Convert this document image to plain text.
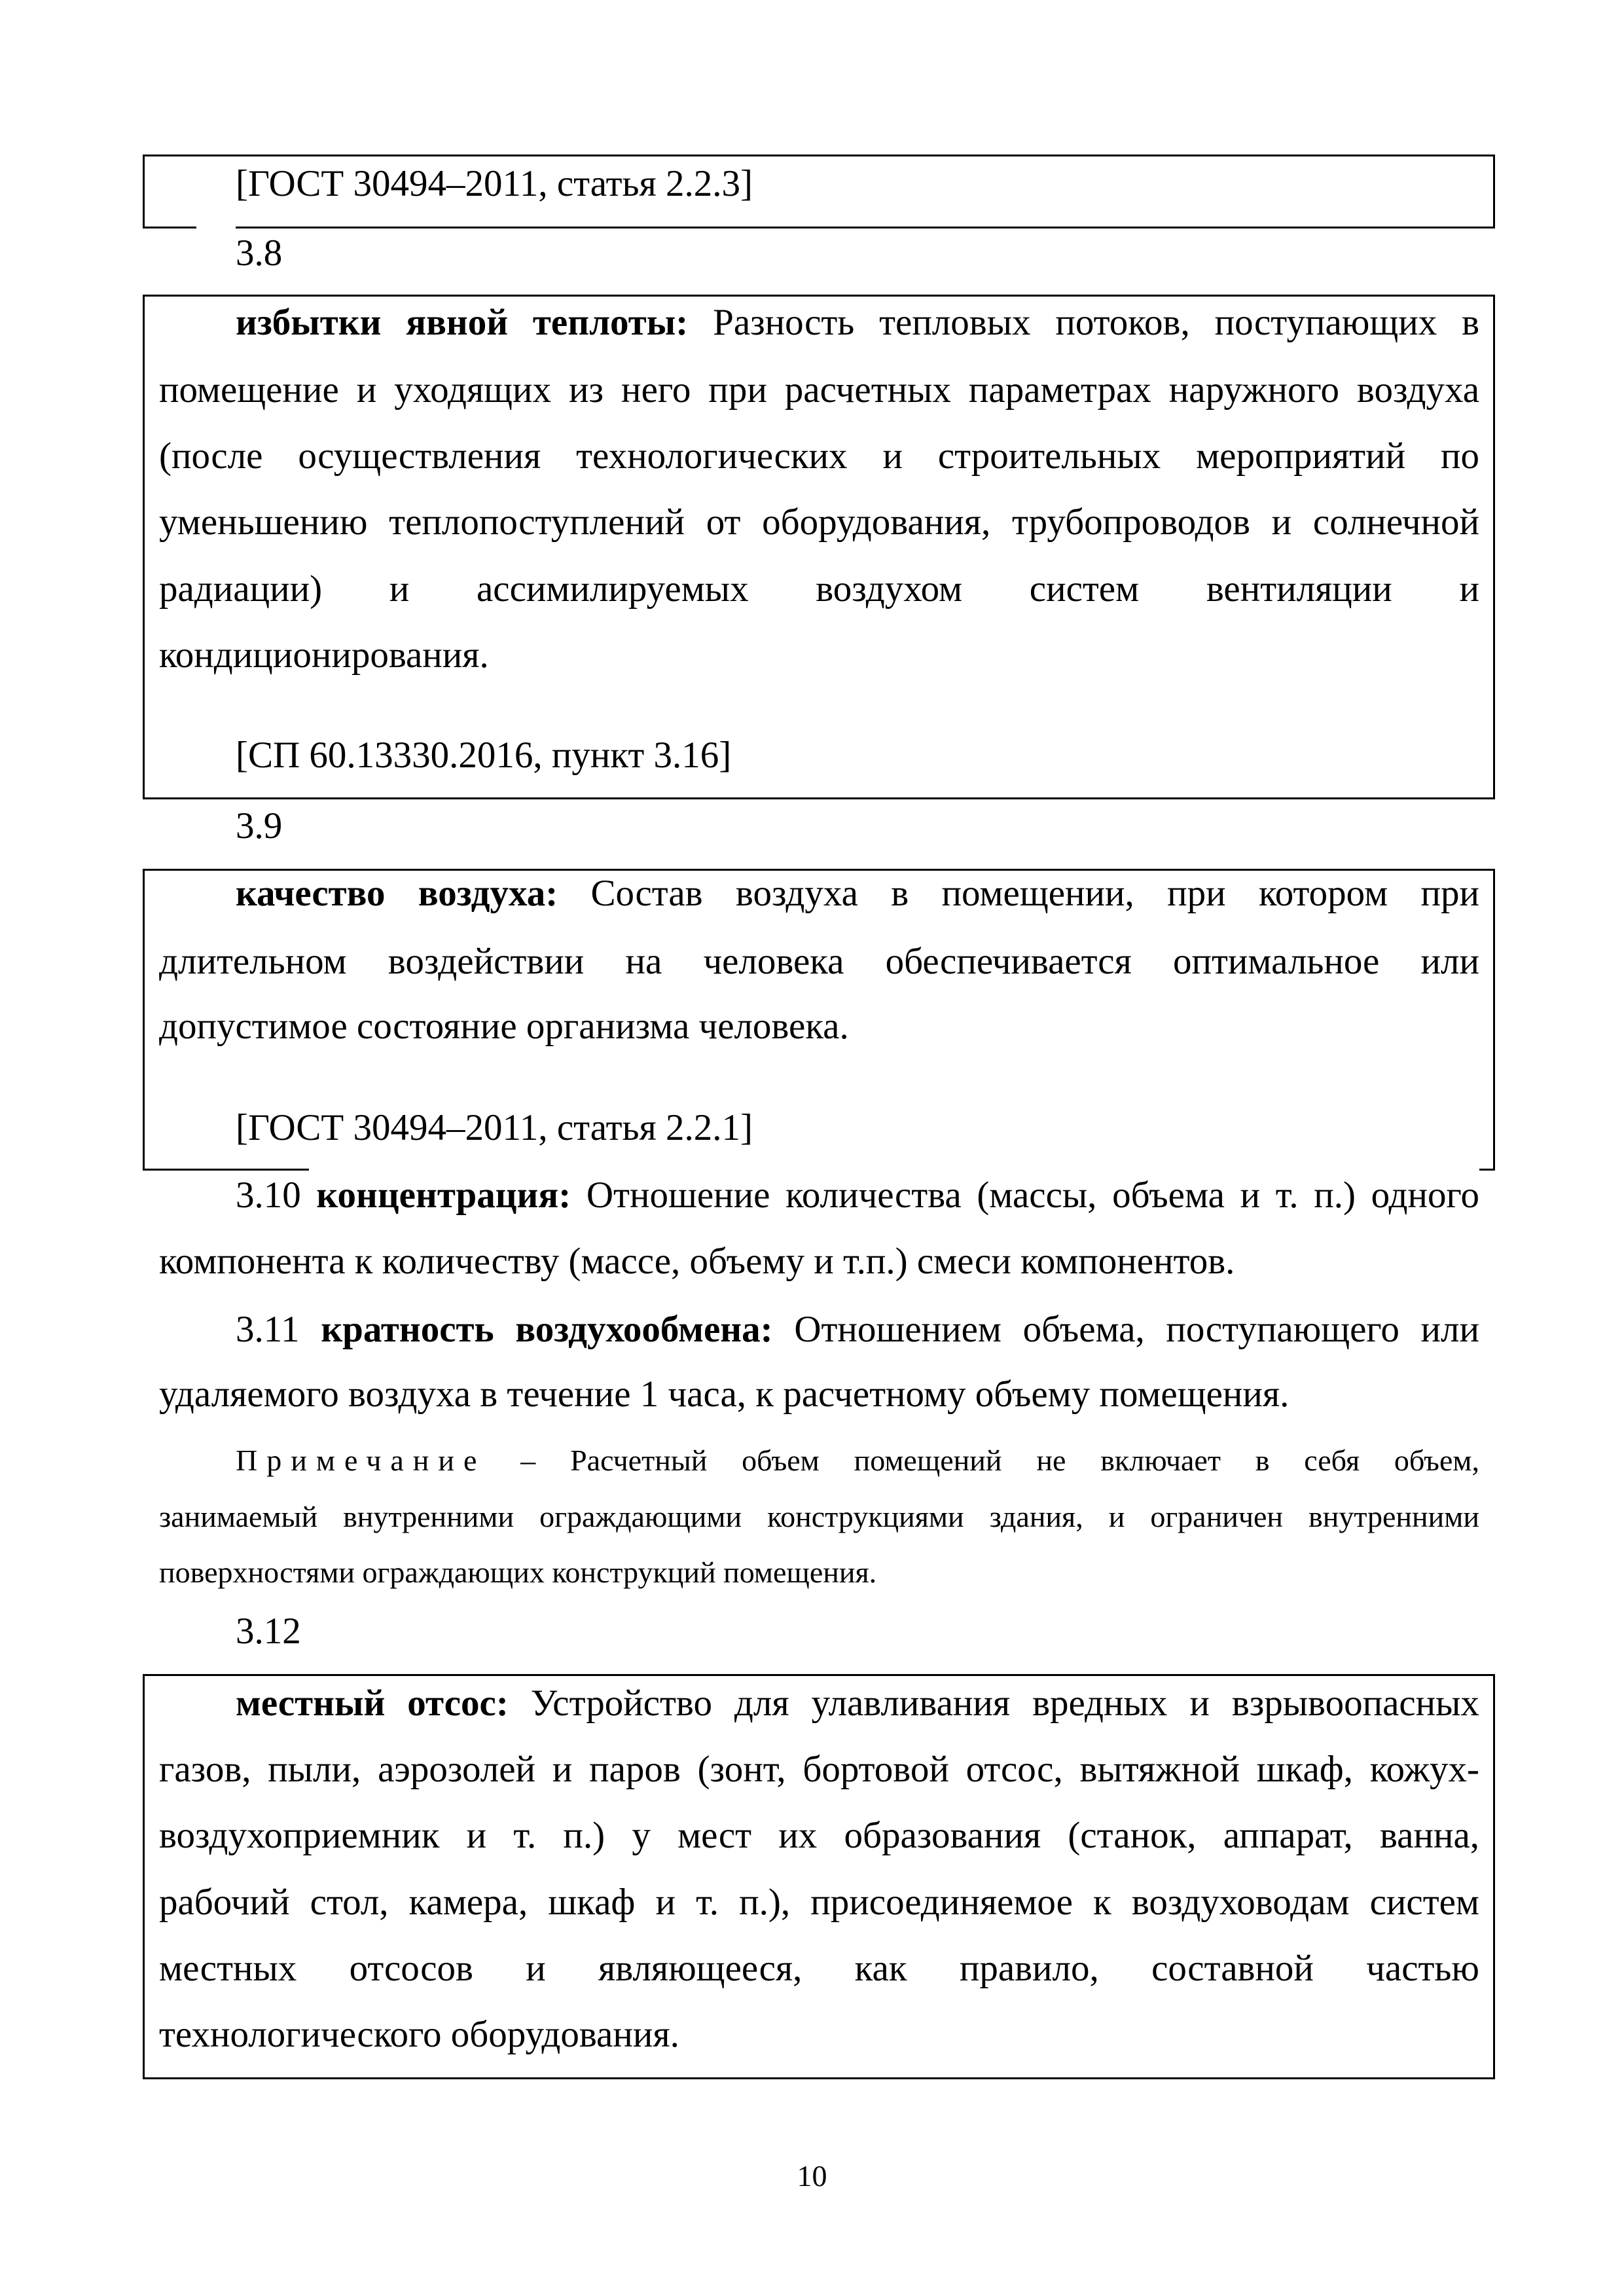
[ГОСТ 30494–2011, статья 2.2.3]
3.8
избытки явной теплоты: Разность тепловых потоков, поступающих в
помещение и уходящих из него при расчетных параметрах наружного воздуха
(после осуществления технологических и строительных мероприятий по
уменьшению теплопоступлений от оборудования, трубопроводов и солнечной
радиации) и ассимилируемых воздухом систем вентиляции и
кондиционирования.
[СП 60.13330.2016, пункт 3.16]
3.9
качество воздуха: Состав воздуха в помещении, при котором при
длительном воздействии на человека обеспечивается оптимальное или
допустимое состояние организма человека.
[ГОСТ 30494–2011, статья 2.2.1]
3.10 концентрация: Отношение количества (массы, объема и т. п.) одного
компонента к количеству (массе, объему и т.п.) смеси компонентов.
3.11 кратность воздухообмена: Отношением объема, поступающего или
удаляемого воздуха в течение 1 часа, к расчетному объему помещения.
Примечание – Расчетный объем помещений не включает в себя объем,
занимаемый внутренними ограждающими конструкциями здания, и ограничен внутренними
поверхностями ограждающих конструкций помещения.
3.12
местный отсос: Устройство для улавливания вредных и взрывоопасных
газов, пыли, аэрозолей и паров (зонт, бортовой отсос, вытяжной шкаф, кожух-
воздухоприемник и т. п.) у мест их образования (станок, аппарат, ванна,
рабочий стол, камера, шкаф и т. п.), присоединяемое к воздуховодам систем
местных отсосов и являющееся, как правило, составной частью
технологического оборудования.
10
